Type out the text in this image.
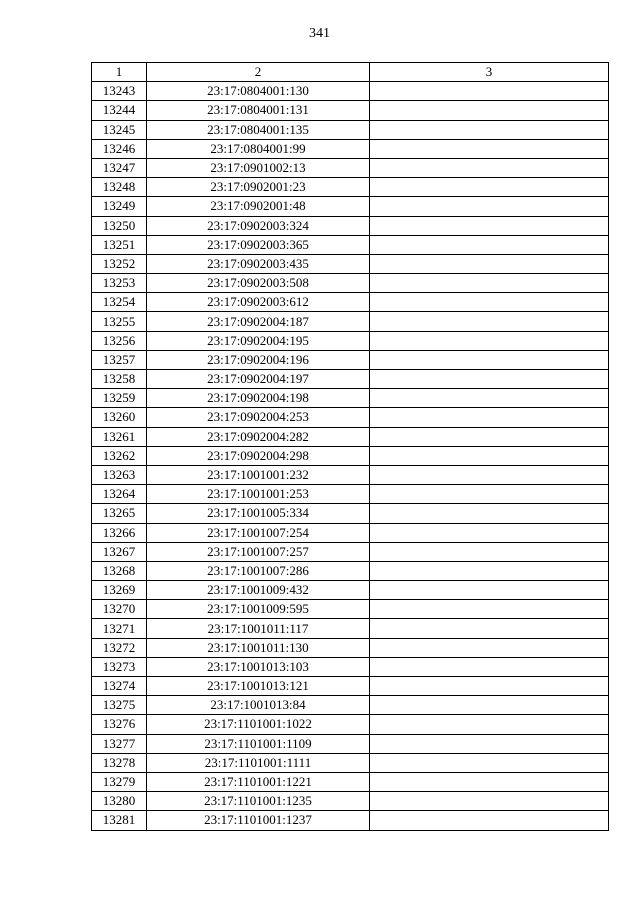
341
1	2	3
13243	23:17:0804001:130	
13244	23:17:0804001:131	
13245	23:17:0804001:135	
13246	23:17:0804001:99	
13247	23:17:0901002:13	
13248	23:17:0902001:23	
13249	23:17:0902001:48	
13250	23:17:0902003:324	
13251	23:17:0902003:365	
13252	23:17:0902003:435	
13253	23:17:0902003:508	
13254	23:17:0902003:612	
13255	23:17:0902004:187	
13256	23:17:0902004:195	
13257	23:17:0902004:196	
13258	23:17:0902004:197	
13259	23:17:0902004:198	
13260	23:17:0902004:253	
13261	23:17:0902004:282	
13262	23:17:0902004:298	
13263	23:17:1001001:232	
13264	23:17:1001001:253	
13265	23:17:1001005:334	
13266	23:17:1001007:254	
13267	23:17:1001007:257	
13268	23:17:1001007:286	
13269	23:17:1001009:432	
13270	23:17:1001009:595	
13271	23:17:1001011:117	
13272	23:17:1001011:130	
13273	23:17:1001013:103	
13274	23:17:1001013:121	
13275	23:17:1001013:84	
13276	23:17:1101001:1022	
13277	23:17:1101001:1109	
13278	23:17:1101001:1111	
13279	23:17:1101001:1221	
13280	23:17:1101001:1235	
13281	23:17:1101001:1237	
